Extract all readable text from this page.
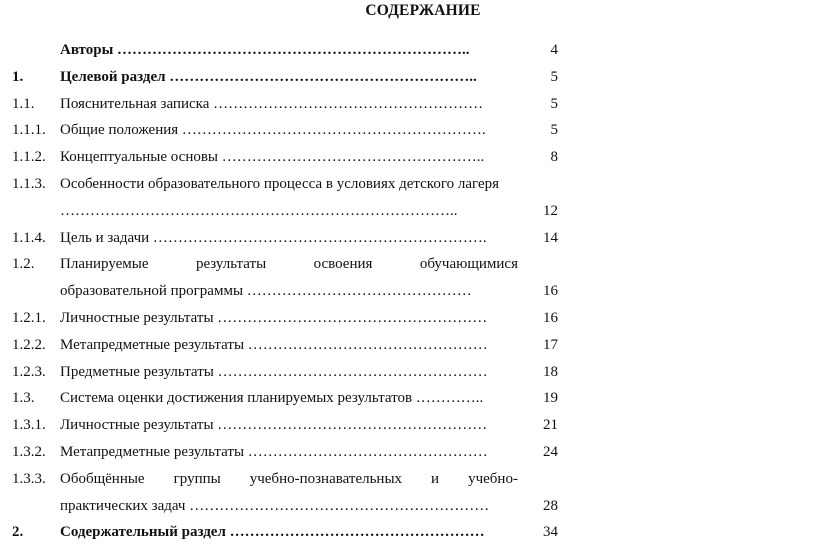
СОДЕРЖАНИЕ
Авторы ……………………………………………………………..	4
1. Целевой раздел ……………………………………………………..	5
1.1. Пояснительная записка ………………………………………………	5
1.1.1. Общие положения …………………………………………………….	5
1.1.2. Концептуальные основы ……………………………………………..	8
1.1.3. Особенности образовательного процесса в условиях детского лагеря
……………………………………………………………………..	12
1.1.4. Цель и задачи ………………………………………………………….	14
1.2. Планируемые	результаты	освоения	обучающимися
образовательной программы ………………………………………	16
1.2.1. Личностные результаты ………………………………………………	16
1.2.2. Метапредметные результаты …………………………………………	17
1.2.3. Предметные результаты ………………………………………………	18
1.3. Система оценки достижения планируемых результатов …………..	19
1.3.1. Личностные результаты ………………………………………………	21
1.3.2. Метапредметные результаты …………………………………………	24
1.3.3. Обобщённые группы учебно-познавательных и учебно-
практических задач ……………………………………………………	28
2. Содержательный раздел ……………………………………………	34
